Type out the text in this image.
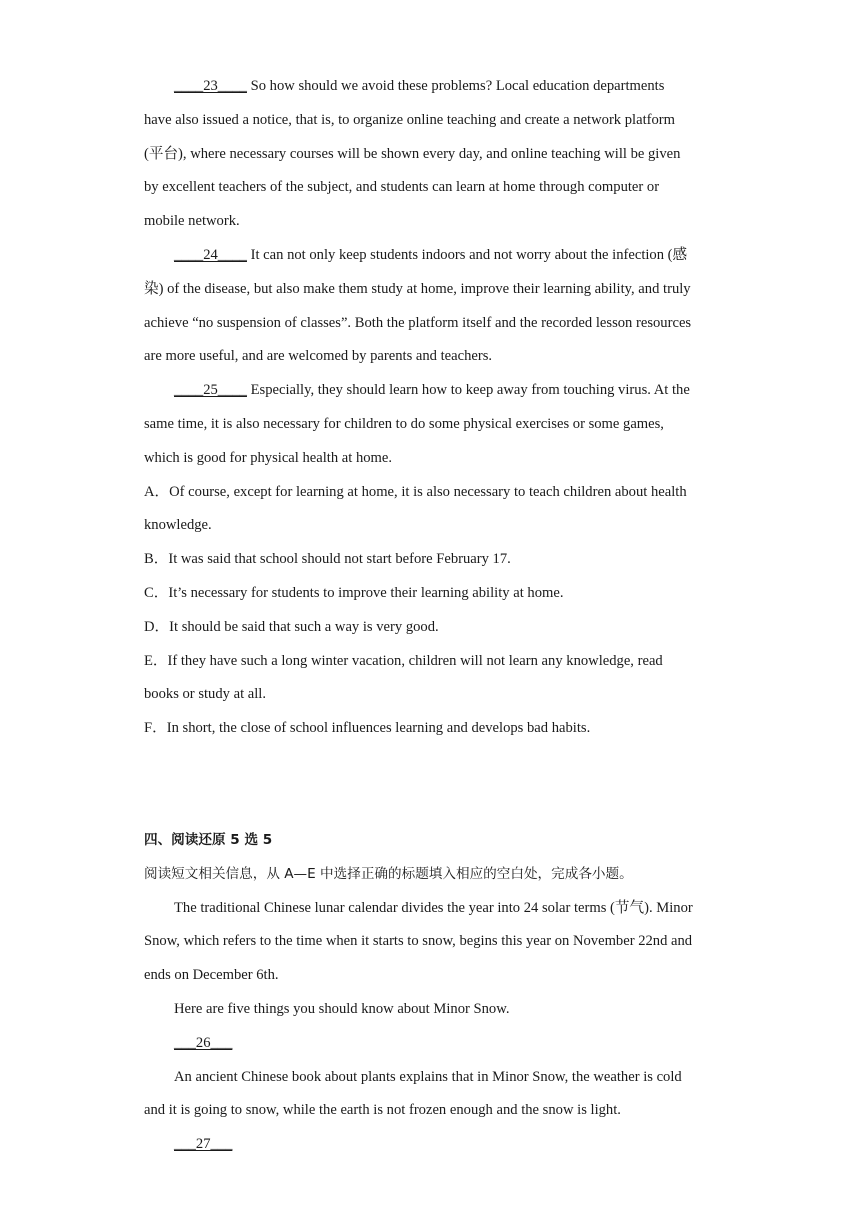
____23____ So how should we avoid these problems? Local education departments
have also issued a notice, that is, to organize online teaching and create a network platform
(平台), where necessary courses will be shown every day, and online teaching will be given
by excellent teachers of the subject, and students can learn at home through computer or
mobile network.
____24____ It can not only keep students indoors and not worry about the infection (感
染) of the disease, but also make them study at home, improve their learning ability, and truly
achieve “no suspension of classes”. Both the platform itself and the recorded lesson resources
are more useful, and are welcomed by parents and teachers.
____25____ Especially, they should learn how to keep away from touching virus. At the
same time, it is also necessary for children to do some physical exercises or some games,
which is good for physical health at home.
A．Of course, except for learning at home, it is also necessary to teach children about health
knowledge.
B．It was said that school should not start before February 17.
C．It’s necessary for students to improve their learning ability at home.
D．It should be said that such a way is very good.
E．If they have such a long winter vacation, children will not learn any knowledge, read
books or study at all.
F．In short, the close of school influences learning and develops bad habits.
四、阅读还原 5 选 5
阅读短文相关信息，从 A—E 中选择正确的标题填入相应的空白处，完成各小题。
The traditional Chinese lunar calendar divides the year into 24 solar terms (节气). Minor
Snow, which refers to the time when it starts to snow, begins this year on November 22nd and
ends on December 6th.
Here are five things you should know about Minor Snow.
___26___
An ancient Chinese book about plants explains that in Minor Snow, the weather is cold
and it is going to snow, while the earth is not frozen enough and the snow is light.
___27___
